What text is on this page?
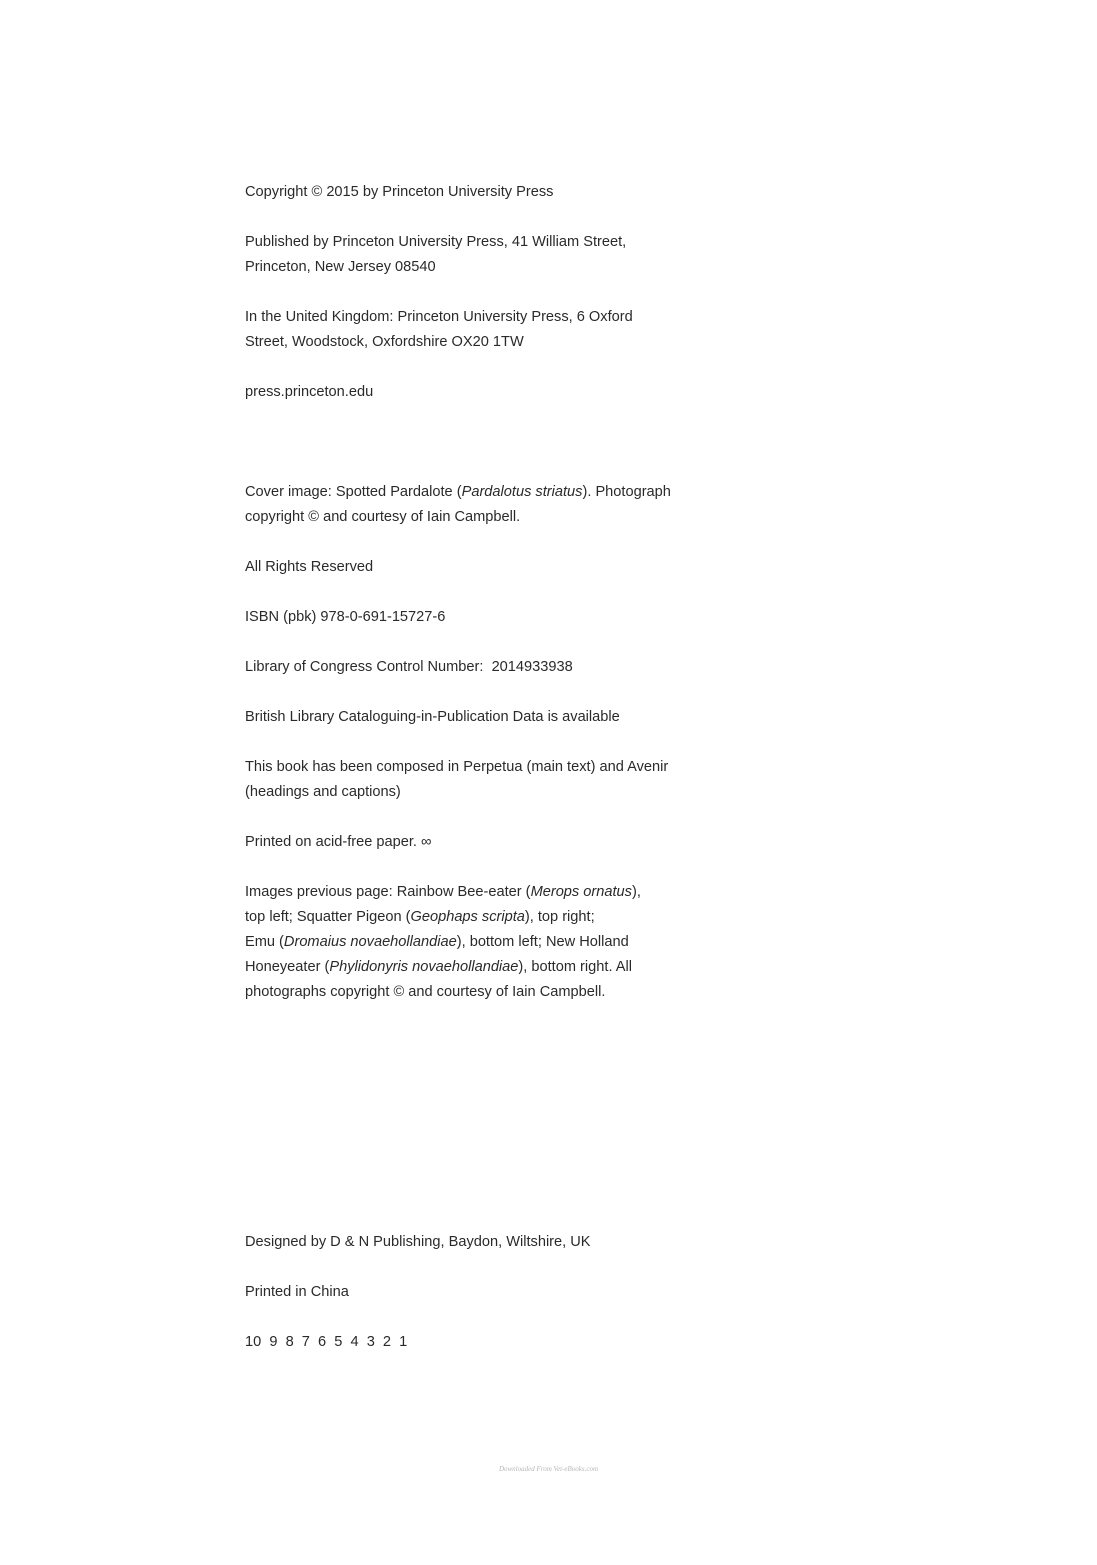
Copyright © 2015 by Princeton University Press

Published by Princeton University Press, 41 William Street,
Princeton, New Jersey 08540

In the United Kingdom: Princeton University Press, 6 Oxford
Street, Woodstock, Oxfordshire OX20 1TW

press.princeton.edu

Cover image: Spotted Pardalote (Pardalotus striatus). Photograph
copyright © and courtesy of Iain Campbell.

All Rights Reserved

ISBN (pbk) 978-0-691-15727-6

Library of Congress Control Number:  2014933938

British Library Cataloguing-in-Publication Data is available

This book has been composed in Perpetua (main text) and Avenir
(headings and captions)

Printed on acid-free paper. ∞

Images previous page: Rainbow Bee-eater (Merops ornatus),
top left; Squatter Pigeon (Geophaps scripta), top right;
Emu (Dromaius novaehollandiae), bottom left; New Holland
Honeyeater (Phylidonyris novaehollandiae), bottom right. All
photographs copyright © and courtesy of Iain Campbell.

Designed by D & N Publishing, Baydon, Wiltshire, UK

Printed in China

10  9  8  7  6  5  4  3  2  1

Downloaded From Vet-eBooks.com
